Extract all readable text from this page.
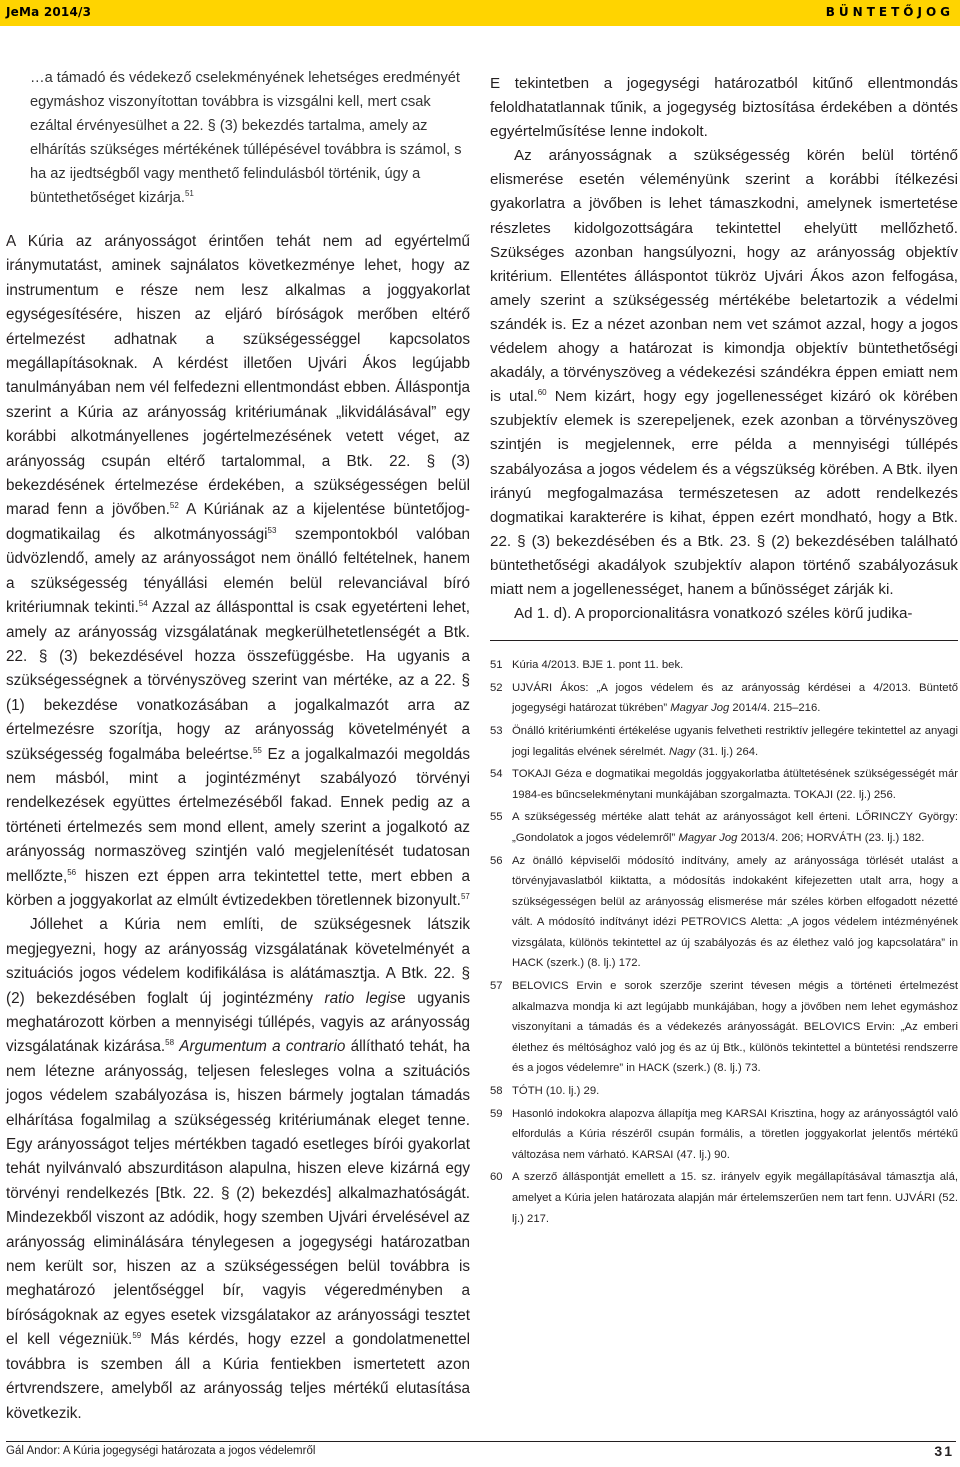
JeMa 2014/3	BÜNTETŐJOG
…a támadó és védekező cselekményének lehetséges eredményét egymáshoz viszonyítottan továbbra is vizsgálni kell, mert csak ezáltal érvényesülhet a 22. § (3) bekezdés tartalma, amely az elhárítás szükséges mértékének túllépésével továbbra is számol, s ha az ijedtségből vagy menthető felindulásból történik, úgy a büntethetőséget kizárja.$^{51}$

A Kúria az arányosságot érintően tehát nem ad egyértelmű iránymutatást, aminek sajnálatos következménye lehet, hogy az instrumentum e része nem lesz alkalmas a joggyakorlat egységesítésére, hiszen az eljáró bíróságok merőben eltérő értelmezést adhatnak a szükségességgel kapcsolatos megállapításoknak. A kérdést illetően Ujvári Ákos legújabb tanulmányában nem vél felfedezni ellentmondást ebben. Álláspontja szerint a Kúria az arányosság kritériumának „likvidálásával” egy korábbi alkotmányellenes jogértelmezésének vetett véget, az arányosság csupán eltérő tartalommal, a Btk. 22. § (3) bekezdésének értelmezése érdekében, a szükségességen belül marad fenn a jövőben.$^{52}$ A Kúriának az a kijelentése büntetőjog-dogmatikailag és alkotmányossági$^{53}$ szempontokból valóban üdvözlendő, amely az arányosságot nem önálló feltételnek, hanem a szükségesség tényállási elemén belül relevanciával bíró kritériumnak tekinti.$^{54}$ Azzal az állásponttal is csak egyetérteni lehet, amely az arányosság vizsgálatának megkerülhetetlenségét a Btk. 22. § (3) bekezdésével hozza összefüggésbe. Ha ugyanis a szükségességnek a törvényszöveg szerint van mértéke, az a 22. § (1) bekezdése vonatkozásában a jogalkalmazót arra az értelmezésre szorítja, hogy az arányosság követelményét a szükségesség fogalmába beleértse.$^{55}$ Ez a jogalkalmazói megoldás nem másból, mint a jogintézményt szabályozó törvényi rendelkezések együttes értelmezéséből fakad. Ennek pedig az a történeti értelmezés sem mond ellent, amely szerint a jogalkotó az arányosság normaszöveg szintjén való megjelenítését tudatosan mellőzte,$^{56}$ hiszen ezt éppen arra tekintettel tette, mert ebben a körben a joggyakorlat az elmúlt évtizedekben töretlennek bizonyult.$^{57}$

Jóllehet a Kúria nem említi, de szükségesnek látszik megjegyezni, hogy az arányosság vizsgálatának követelményét a szituációs jogos védelem kodifikálása is alátámasztja. A Btk. 22. § (2) bekezdésében foglalt új jogintézmény ratio legise ugyanis meghatározott körben a mennyiségi túllépés, vagyis az arányosság vizsgálatának kizárása.$^{58}$ Argumentum a contrario állítható tehát, ha nem létezne arányosság, teljesen felesleges volna a szituációs jogos védelem szabályozása is, hiszen bármely jogtalan támadás elhárítása fogalmilag a szükségesség kritériumának eleget tenne. Egy arányosságot teljes mértékben tagadó esetleges bírói gyakorlat tehát nyilvánvaló abszurditáson alapulna, hiszen eleve kizárná egy törvényi rendelkezés [Btk. 22. § (2) bekezdés] alkalmazhatóságát. Mindezekből viszont az adódik, hogy szemben Ujvári érvelésével az arányosság eliminálására ténylegesen a jogegységi határozatban nem került sor, hiszen az a szükségességen belül továbbra is meghatározó jelentőséggel bír, vagyis végeredményben a bíróságoknak az egyes esetek vizsgálatakor az arányossági tesztet el kell végezniük.$^{59}$ Más kérdés, hogy ezzel a gondolatmenettel továbbra is szemben áll a Kúria fentiekben ismertetett azon értvrendszere, amelyből az arányosság teljes mértékű elutasítása következik.

E tekintetben a jogegységi határozatból kitűnő ellentmondás feloldhatatlannak tűnik, a jogegység biztosítása érdekében a döntés egyértelműsítése lenne indokolt.

Az arányosságnak a szükségesség körén belül történő elismerése esetén véleményünk szerint a korábbi ítélkezési gyakorlatra a jövőben is lehet támaszkodni, amelynek ismertetése részletes kidolgozottságára tekintettel ehelyütt mellőzhető. Szükséges azonban hangsúlyozni, hogy az arányosság objektív kritérium. Ellentétes álláspontot tükröz Ujvári Ákos azon felfogása, amely szerint a szükségesség mértékébe beletartozik a védelmi szándék is. Ez a nézet azonban nem vet számot azzal, hogy a jogos védelem ahogy a határozat is kimondja objektív büntethetőségi akadály, a törvényszöveg a védekezési szándékra éppen emiatt nem is utal.$^{60}$ Nem kizárt, hogy egy jogellenességet kizáró ok körében szubjektív elemek is szerepeljenek, ezek azonban a törvényszöveg szintjén is megjelennek, erre példa a mennyiségi túllépés szabályozása a jogos védelem és a végszükség körében. A Btk. ilyen irányú megfogalmazása természetesen az adott rendelkezés dogmatikai karakterére is kihat, éppen ezért mondható, hogy a Btk. 22. § (3) bekezdésében és a Btk. 23. § (2) bekezdésében található büntethetőségi akadályok szubjektív alapon történő szabályozásuk miatt nem a jogellenességet, hanem a bűnösséget zárják ki.

Ad 1. d). A proporcionalitásra vonatkozó széles körű judika-

51 Kúria 4/2013. BJE 1. pont 11. bek.
52 UJVÁRI Ákos: „A jogos védelem és az arányosság kérdései a 4/2013. Büntető jogegységi határozat tükrében” Magyar Jog 2014/4. 215–216.
53 Önálló kritériumkénti értékelése ugyanis felvetheti restriktív jellegére tekintettel az anyagi jogi legalitás elvének sérelmét. Nagy (31. lj.) 264.
54 TOKAJI Géza e dogmatikai megoldás joggyakorlatba átültetésének szükségességét már 1984-es bűncselekménytani munkájában szorgalmazta. TOKAJI (22. lj.) 256.
55 A szükségesség mértéke alatt tehát az arányosságot kell érteni. LŐRINCZY György: „Gondolatok a jogos védelemről” Magyar Jog 2013/4. 206; HORVÁTH (23. lj.) 182.
56 Az önálló képviselői módosító indítvány, amely az arányossága törlését utalást a törvényjavaslatból kiiktatta, a módosítás indokaként kifejezetten utalt arra, hogy a szükségességen belül az arányosság elismerése már széles körben elfogadott nézetté vált. A módosító indítványt idézi PETROVICS Aletta: „A jogos védelem intézményének vizsgálata, különös tekintettel az új szabályozás és az élethez való jog kapcsolatára” in HACK (szerk.) (8. lj.) 172.
57 BELOVICS Ervin e sorok szerzője szerint tévesen mégis a történeti értelmezést alkalmazva mondja ki azt legújabb munkájában, hogy a jövőben nem lehet egymáshoz viszonyítani a támadás és a védekezés arányosságát. BELOVICS Ervin: „Az emberi élethez és méltósághoz való jog és az új Btk., különös tekintettel a büntetési rendszerre és a jogos védelemre” in HACK (szerk.) (8. lj.) 73.
58 TÓTH (10. lj.) 29.
59 Hasonló indokokra alapozva állapítja meg KARSAI Krisztina, hogy az arányosságtól való elfordulás a Kúria részéről csupán formális, a töretlen joggyakorlat jelentős mértékű változása nem várható. KARSAI (47. lj.) 90.
60 A szerző álláspontját emellett a 15. sz. irányelv egyik megállapításával támasztja alá, amelyet a Kúria jelen határozata alapján már értelemszerűen nem tart fenn. UJVÁRI (52. lj.) 217.
Gál Andor: A Kúria jogegységi határozata a jogos védelemről	31
